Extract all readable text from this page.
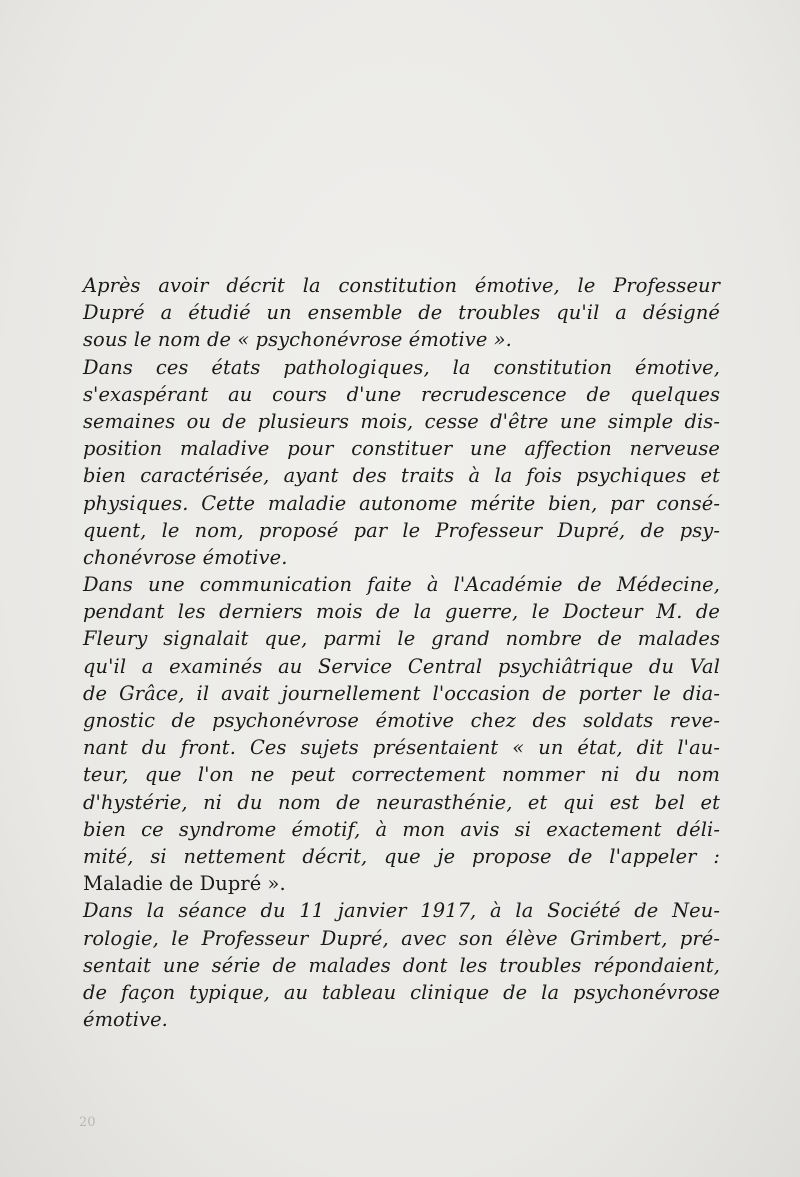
Après avoir décrit la constitution émotive, le Professeur
Dupré a étudié un ensemble de troubles qu'il a désigné
sous le nom de « psychonévrose émotive ».
Dans ces états pathologiques, la constitution émotive,
s'exaspérant au cours d'une recrudescence de quelques
semaines ou de plusieurs mois, cesse d'être une simple dis-
position maladive pour constituer une affection nerveuse
bien caractérisée, ayant des traits à la fois psychiques et
physiques. Cette maladie autonome mérite bien, par consé-
quent, le nom, proposé par le Professeur Dupré, de psy-
chonévrose émotive.
Dans une communication faite à l'Académie de Médecine,
pendant les derniers mois de la guerre, le Docteur M. de
Fleury signalait que, parmi le grand nombre de malades
qu'il a examinés au Service Central psychiâtrique du Val
de Grâce, il avait journellement l'occasion de porter le dia-
gnostic de psychonévrose émotive chez des soldats reve-
nant du front. Ces sujets présentaient « un état, dit l'au-
teur, que l'on ne peut correctement nommer ni du nom
d'hystérie, ni du nom de neurasthénie, et qui est bel et
bien ce syndrome émotif, à mon avis si exactement déli-
mité, si nettement décrit, que je propose de l'appeler :
Maladie de Dupré ».
Dans la séance du 11 janvier 1917, à la Société de Neu-
rologie, le Professeur Dupré, avec son élève Grimbert, pré-
sentait une série de malades dont les troubles répondaient,
de façon typique, au tableau clinique de la psychonévrose
émotive.
20
